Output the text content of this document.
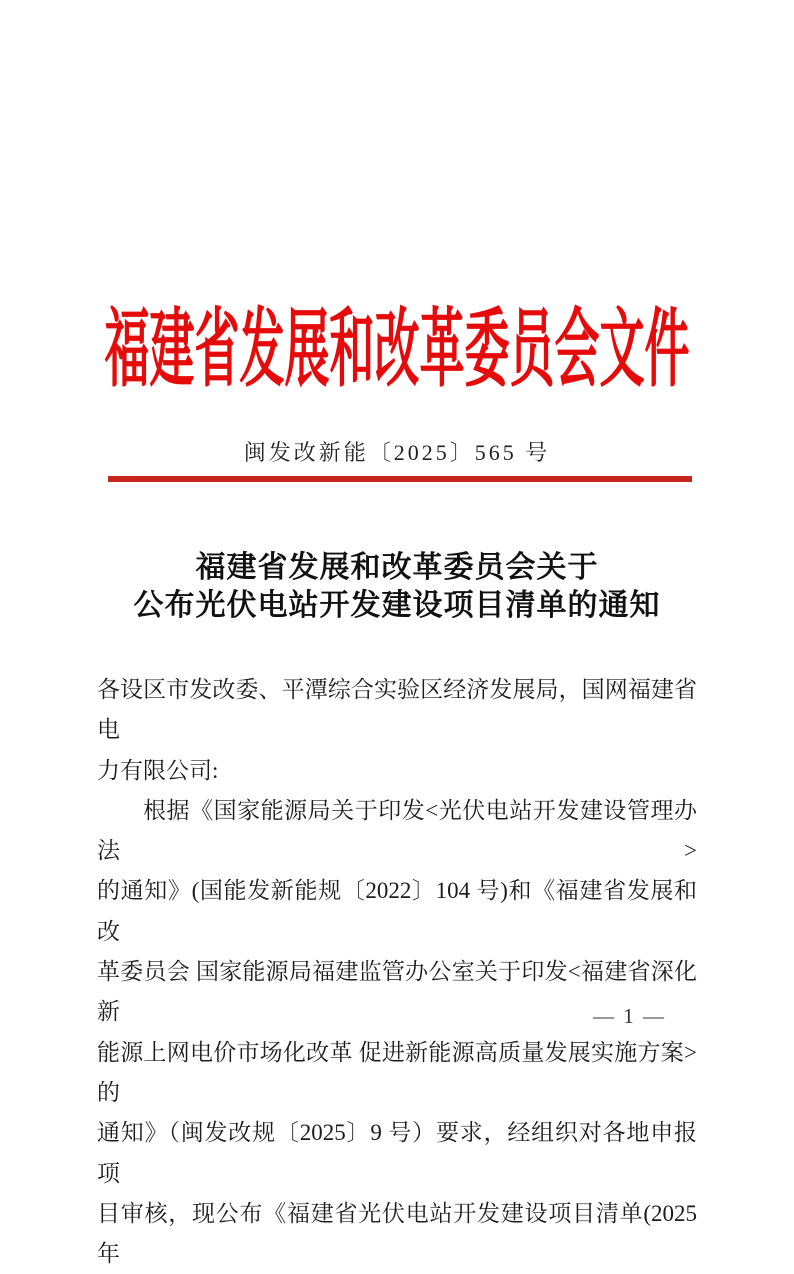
福建省发展和改革委员会文件
闽发改新能〔2025〕565 号
福建省发展和改革委员会关于
公布光伏电站开发建设项目清单的通知
各设区市发改委、平潭综合实验区经济发展局，国网福建省电
力有限公司:
根据《国家能源局关于印发<光伏电站开发建设管理办法>
的通知》(国能发新能规〔2022〕104 号)和《福建省发展和改
革委员会 国家能源局福建监管办公室关于印发<福建省深化新
能源上网电价市场化改革 促进新能源高质量发展实施方案>的
通知》（闽发改规〔2025〕9 号）要求，经组织对各地申报项
目审核，现公布《福建省光伏电站开发建设项目清单(2025 年
— 1 —
